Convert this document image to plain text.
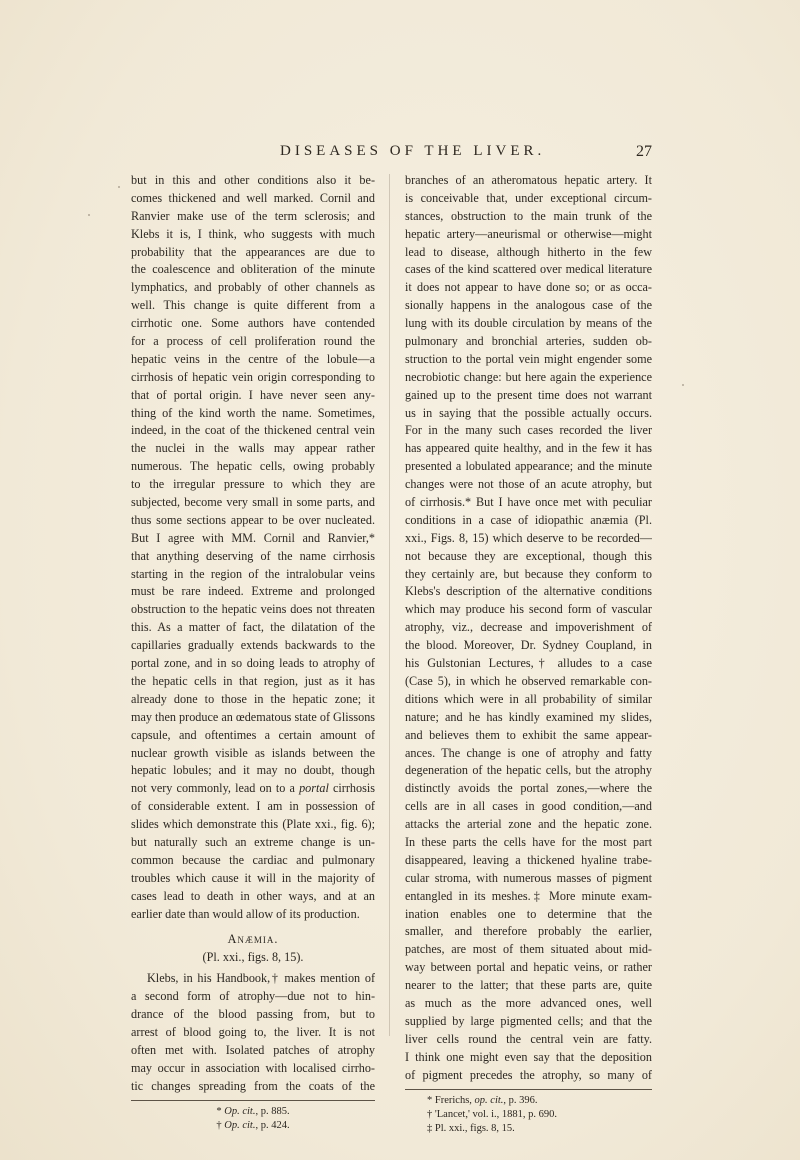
DISEASES OF THE LIVER.	27
but in this and other conditions also it be-
comes thickened and well marked. Cornil and
Ranvier make use of the term sclerosis; and
Klebs it is, I think, who suggests with much
probability that the appearances are due to
the coalescence and obliteration of the minute
lymphatics, and probably of other channels as
well. This change is quite different from a
cirrhotic one. Some authors have contended
for a process of cell proliferation round the
hepatic veins in the centre of the lobule—a
cirrhosis of hepatic vein origin corresponding to
that of portal origin. I have never seen any-
thing of the kind worth the name. Sometimes,
indeed, in the coat of the thickened central vein
the nuclei in the walls may appear rather
numerous. The hepatic cells, owing probably
to the irregular pressure to which they are
subjected, become very small in some parts, and
thus some sections appear to be over nucleated.
But I agree with MM. Cornil and Ranvier,*
that anything deserving of the name cirrhosis
starting in the region of the intralobular veins
must be rare indeed. Extreme and prolonged
obstruction to the hepatic veins does not threaten
this. As a matter of fact, the dilatation of the
capillaries gradually extends backwards to the
portal zone, and in so doing leads to atrophy of
the hepatic cells in that region, just as it has
already done to those in the hepatic zone; it
may then produce an œdematous state of Glissons
capsule, and oftentimes a certain amount of
nuclear growth visible as islands between the
hepatic lobules; and it may no doubt, though
not very commonly, lead on to a portal cirrhosis
of considerable extent. I am in possession of
slides which demonstrate this (Plate xxi., fig. 6);
but naturally such an extreme change is un-
common because the cardiac and pulmonary
troubles which cause it will in the majority of
cases lead to death in other ways, and at an
earlier date than would allow of its production.
Anæmia.
(Pl. xxi., figs. 8, 15).
Klebs, in his Handbook,† makes mention of
a second form of atrophy—due not to hin-
drance of the blood passing from, but to
arrest of blood going to, the liver. It is not
often met with. Isolated patches of atrophy
may occur in association with localised cirrho-
tic changes spreading from the coats of the
* Op. cit., p. 885.
† Op. cit., p. 424.
branches of an atheromatous hepatic artery. It
is conceivable that, under exceptional circum-
stances, obstruction to the main trunk of the
hepatic artery—aneurismal or otherwise—might
lead to disease, although hitherto in the few
cases of the kind scattered over medical literature
it does not appear to have done so; or as occa-
sionally happens in the analogous case of the
lung with its double circulation by means of the
pulmonary and bronchial arteries, sudden ob-
struction to the portal vein might engender some
necrobiotic change: but here again the experience
gained up to the present time does not warrant
us in saying that the possible actually occurs.
For in the many such cases recorded the liver
has appeared quite healthy, and in the few it has
presented a lobulated appearance; and the minute
changes were not those of an acute atrophy, but
of cirrhosis.* But I have once met with peculiar
conditions in a case of idiopathic anæmia (Pl.
xxi., Figs. 8, 15) which deserve to be recorded—
not because they are exceptional, though this
they certainly are, but because they conform to
Klebs's description of the alternative conditions
which may produce his second form of vascular
atrophy, viz., decrease and impoverishment of
the blood. Moreover, Dr. Sydney Coupland, in
his Gulstonian Lectures,† alludes to a case
(Case 5), in which he observed remarkable con-
ditions which were in all probability of similar
nature; and he has kindly examined my slides,
and believes them to exhibit the same appear-
ances. The change is one of atrophy and fatty
degeneration of the hepatic cells, but the atrophy
distinctly avoids the portal zones,—where the
cells are in all cases in good condition,—and
attacks the arterial zone and the hepatic zone.
In these parts the cells have for the most part
disappeared, leaving a thickened hyaline trabe-
cular stroma, with numerous masses of pigment
entangled in its meshes.‡ More minute exam-
ination enables one to determine that the
smaller, and therefore probably the earlier,
patches, are most of them situated about mid-
way between portal and hepatic veins, or rather
nearer to the latter; that these parts are, quite
as much as the more advanced ones, well
supplied by large pigmented cells; and that the
liver cells round the central vein are fatty.
I think one might even say that the deposition
of pigment precedes the atrophy, so many of
* Frerichs, op. cit., p. 396.
† 'Lancet,' vol. i., 1881, p. 690.
‡ Pl. xxi., figs. 8, 15.
